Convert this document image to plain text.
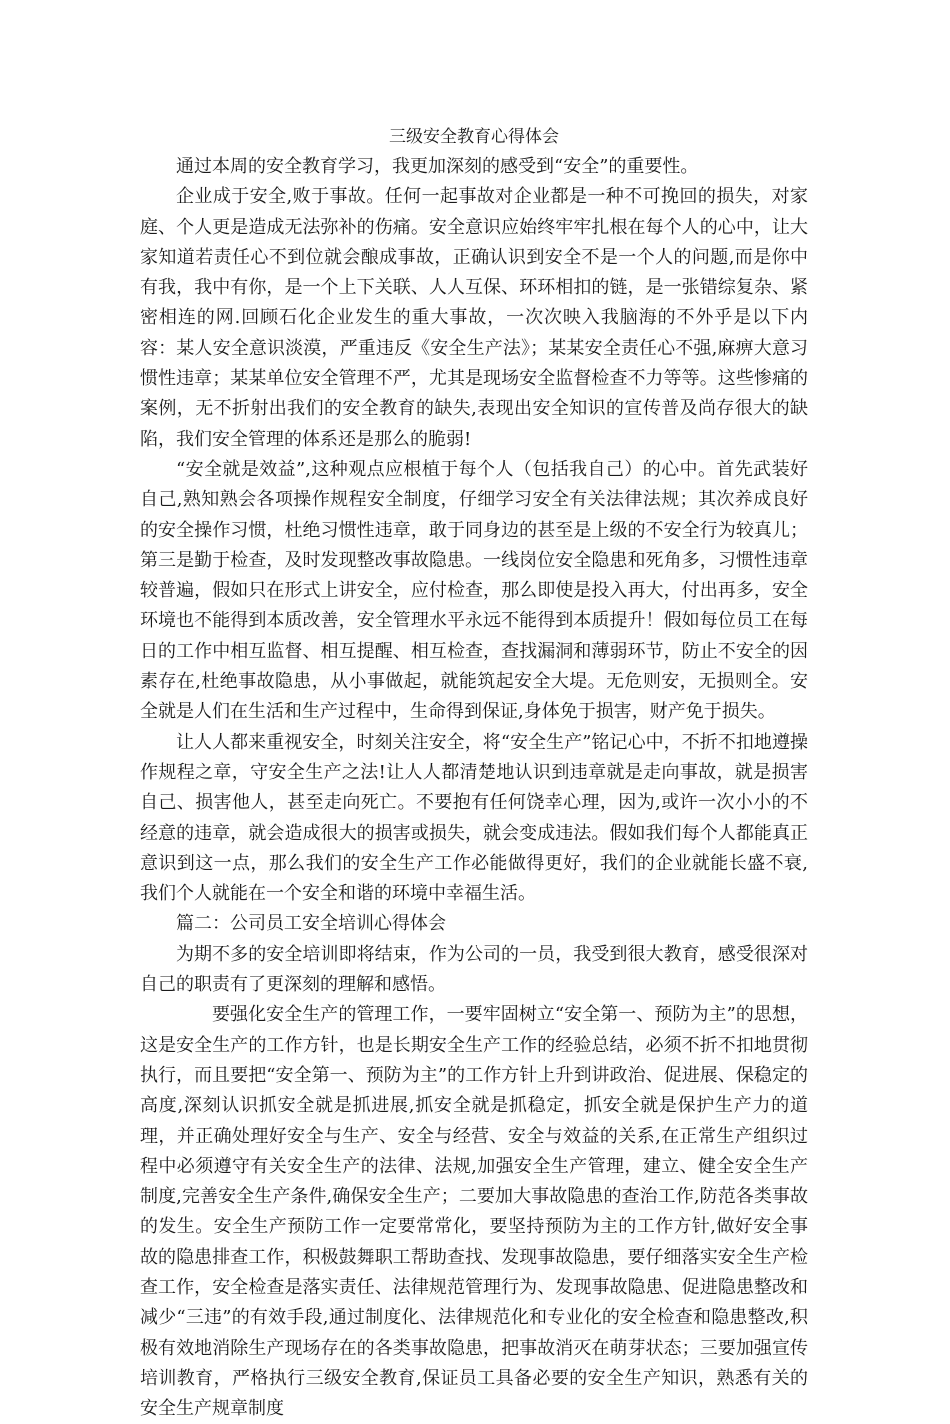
三级安全教育心得体会

通过本周的安全教育学习，我更加深刻的感受到“安全”的重要性。

企业成于安全,败于事故。任何一起事故对企业都是一种不可挽回的损失，对家庭、个人更是造成无法弥补的伤痛。安全意识应始终牢牢扎根在每个人的心中，让大家知道若责任心不到位就会酿成事故，正确认识到安全不是一个人的问题,而是你中有我，我中有你，是一个上下关联、人人互保、环环相扣的链，是一张错综复杂、紧密相连的网.回顾石化企业发生的重大事故，一次次映入我脑海的不外乎是以下内容：某人安全意识淡漠，严重违反《安全生产法》；某某安全责任心不强,麻痹大意习惯性违章；某某单位安全管理不严，尤其是现场安全监督检查不力等等。这些惨痛的案例，无不折射出我们的安全教育的缺失,表现出安全知识的宣传普及尚存很大的缺陷，我们安全管理的体系还是那么的脆弱!

“安全就是效益”,这种观点应根植于每个人（包括我自己）的心中。首先武装好自己,熟知熟会各项操作规程安全制度，仔细学习安全有关法律法规；其次养成良好的安全操作习惯，杜绝习惯性违章，敢于同身边的甚至是上级的不安全行为较真儿；第三是勤于检查，及时发现整改事故隐患。一线岗位安全隐患和死角多，习惯性违章较普遍，假如只在形式上讲安全，应付检查，那么即使是投入再大，付出再多，安全环境也不能得到本质改善，安全管理水平永远不能得到本质提升！假如每位员工在每日的工作中相互监督、相互提醒、相互检查，查找漏洞和薄弱环节，防止不安全的因素存在,杜绝事故隐患，从小事做起，就能筑起安全大堤。无危则安，无损则全。安全就是人们在生活和生产过程中，生命得到保证,身体免于损害，财产免于损失。

让人人都来重视安全，时刻关注安全，将“安全生产”铭记心中，不折不扣地遵操作规程之章，守安全生产之法!让人人都清楚地认识到违章就是走向事故，就是损害自己、损害他人，甚至走向死亡。不要抱有任何饶幸心理，因为,或许一次小小的不经意的违章，就会造成很大的损害或损失，就会变成违法。假如我们每个人都能真正意识到这一点，那么我们的安全生产工作必能做得更好，我们的企业就能长盛不衰,我们个人就能在一个安全和谐的环境中幸福生活。

篇二：公司员工安全培训心得体会

为期不多的安全培训即将结束，作为公司的一员，我受到很大教育，感受很深对自己的职责有了更深刻的理解和感悟。

要强化安全生产的管理工作，一要牢固树立“安全第一、预防为主”的思想，这是安全生产的工作方针，也是长期安全生产工作的经验总结，必须不折不扣地贯彻执行，而且要把“安全第一、预防为主”的工作方针上升到讲政治、促进展、保稳定的高度,深刻认识抓安全就是抓进展,抓安全就是抓稳定，抓安全就是保护生产力的道理，并正确处理好安全与生产、安全与经营、安全与效益的关系,在正常生产组织过程中必须遵守有关安全生产的法律、法规,加强安全生产管理，建立、健全安全生产制度,完善安全生产条件,确保安全生产；二要加大事故隐患的查治工作,防范各类事故的发生。安全生产预防工作一定要常常化，要坚持预防为主的工作方针,做好安全事故的隐患排查工作，积极鼓舞职工帮助查找、发现事故隐患，要仔细落实安全生产检查工作，安全检查是落实责任、法律规范管理行为、发现事故隐患、促进隐患整改和减少“三违”的有效手段,通过制度化、法律规范化和专业化的安全检查和隐患整改,积极有效地消除生产现场存在的各类事故隐患，把事故消灭在萌芽状态；三要加强宣传培训教育，严格执行三级安全教育,保证员工具备必要的安全生产知识，熟悉有关的安全生产规章制度
